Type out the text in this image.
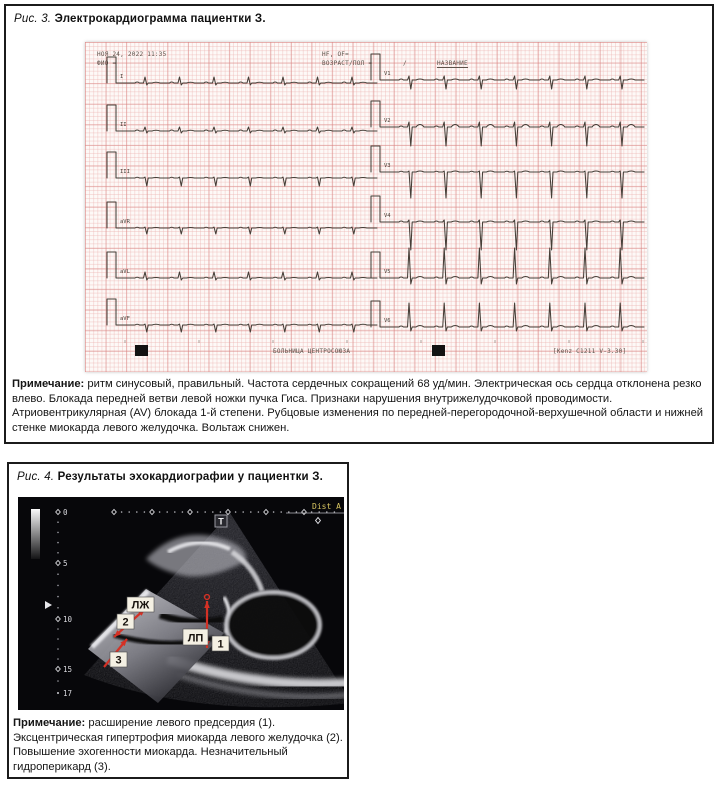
Рис. 3. Электрокардиограмма пациентки З.
НОЯ 24, 2022 11:35
ФИО =
HF, OF=
ВОЗРАСТ/ПОЛ =	/	НАЗВАНИЕ
I
II
III
aVR
aVL
aVF
V1
V2
V3
V4
V5
V6
БОЛЬНИЦА ЦЕНТРОСОЮЗА	[Kenz C1211 V-3.30]
Примечание: ритм синусовый, правильный. Частота сердечных сокращений 68 уд/мин. Электрическая ось сердца отклонена резко
влево. Блокада передней ветви левой ножки пучка Гиса. Признаки нарушения внутрижелудочковой проводимости.
Атриовентрикулярная (AV) блокада 1-й степени. Рубцовые изменения по передней-перегородочной-верхушечной области и нижней
стенке миокарда левого желудочка. Вольтаж снижен.
Рис. 4. Результаты эхокардиографии у пациентки З.
T
Dist A
0
5
10
15
17
ЛЖ
2
3
ЛП 1
Примечание: расширение левого предсердия (1).
Эксцентрическая гипертрофия миокарда левого желудочка (2).
Повышение эхогенности миокарда. Незначительный
гидроперикард (3).
